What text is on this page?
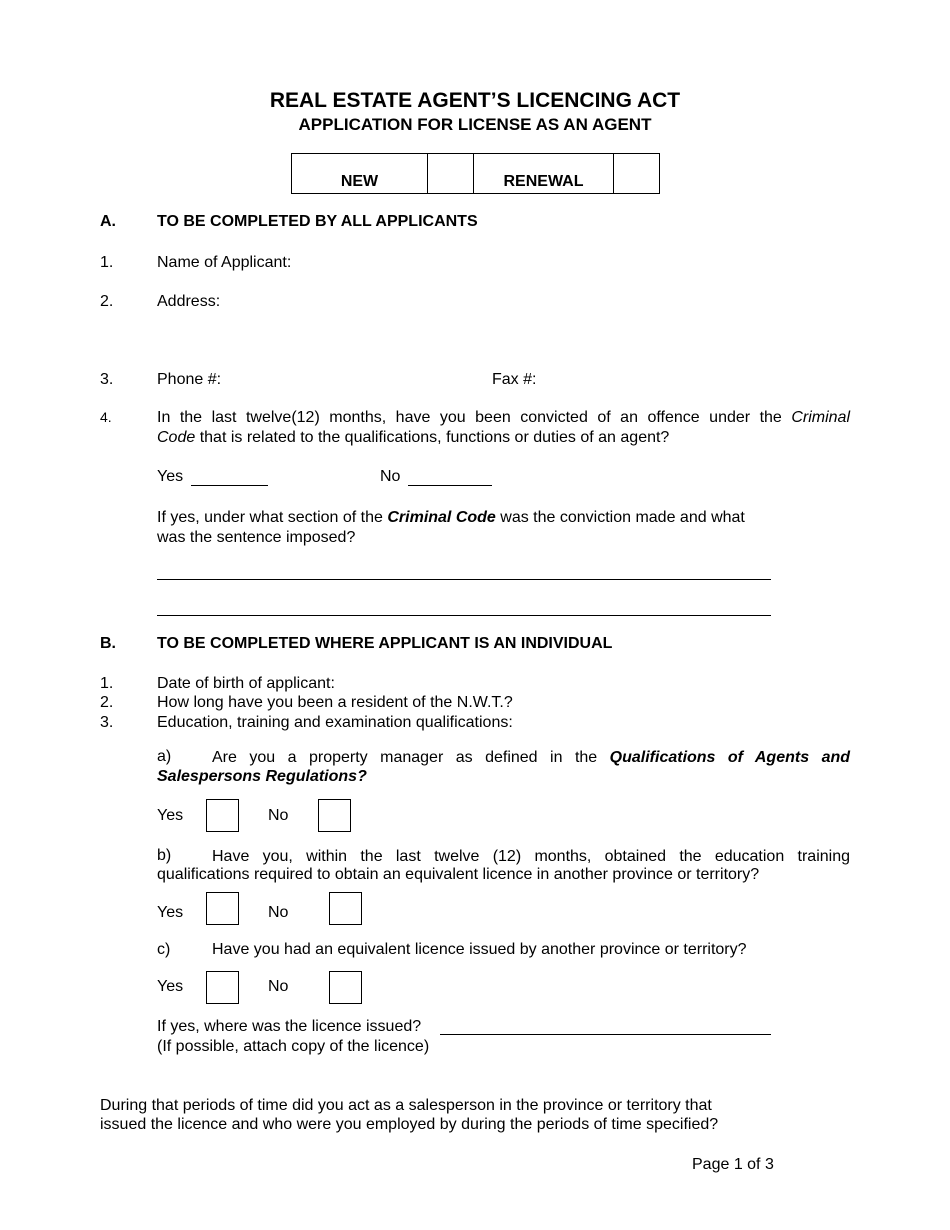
REAL ESTATE AGENT’S LICENCING ACT
APPLICATION FOR LICENSE AS AN AGENT
NEW		RENEWAL	
A.	TO BE COMPLETED BY ALL APPLICANTS
1.	Name of Applicant:
2.	Address:
3.	Phone #:	Fax #:
4.	In the last twelve(12) months, have you been convicted of an offence under the Criminal
Code that is related to the qualifications, functions or duties of an agent?
Yes	No
If yes, under what section of the Criminal Code was the conviction made and what
was the sentence imposed?
B.	TO BE COMPLETED WHERE APPLICANT IS AN INDIVIDUAL
1.	Date of birth of applicant:
2.	How long have you been a resident of the N.W.T.?
3.	Education, training and examination qualifications:
a)	Are you a property manager as defined in the Qualifications of Agents and
Salespersons Regulations?
Yes	No
b)	Have you, within the last twelve (12) months, obtained the education training
qualifications required to obtain an equivalent licence in another province or territory?
Yes	No
c)	Have you had an equivalent licence issued by another province or territory?
Yes	No
If yes, where was the licence issued?
(If possible, attach copy of the licence)
During that periods of time did you act as a salesperson in the province or territory that
issued the licence and who were you employed by during the periods of time specified?
Page 1 of 3
